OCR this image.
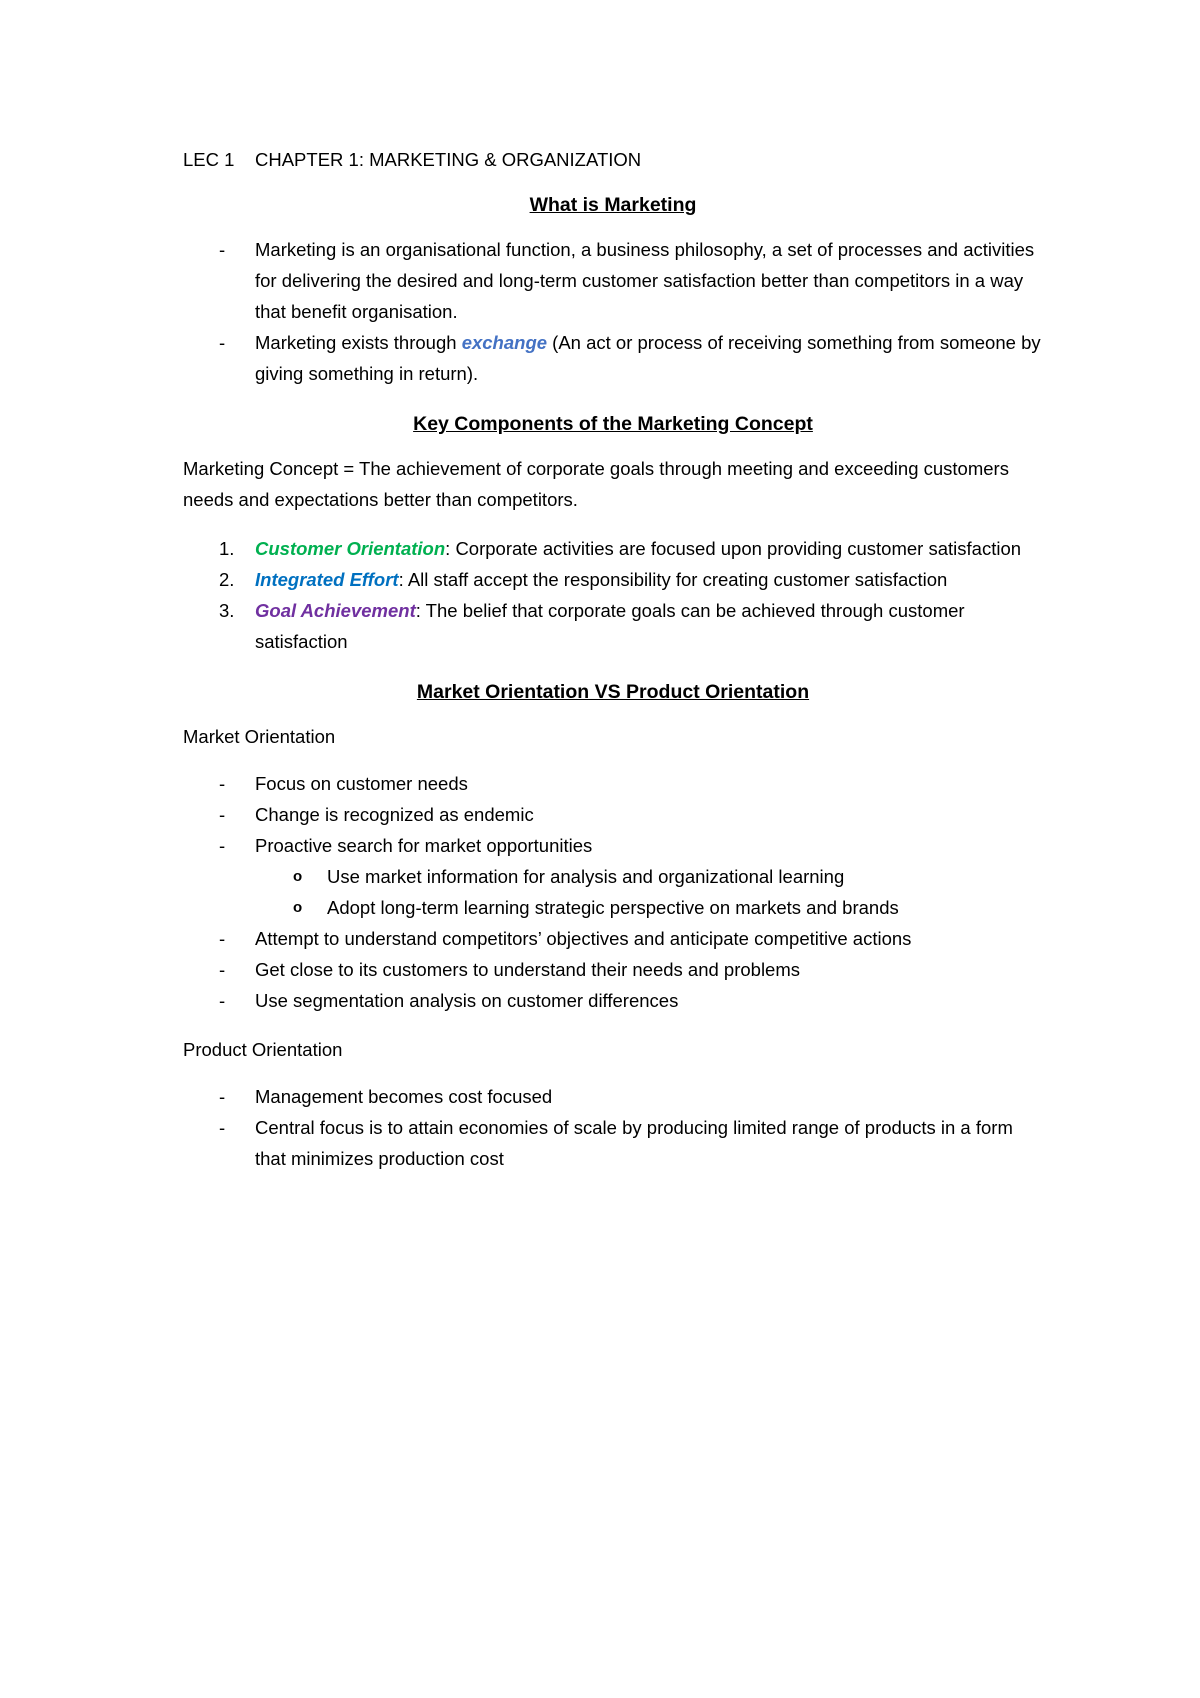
LEC 1	CHAPTER 1: MARKETING & ORGANIZATION
What is Marketing
- Marketing is an organisational function, a business philosophy, a set of processes and activities for delivering the desired and long-term customer satisfaction better than competitors in a way that benefit organisation.
- Marketing exists through exchange (An act or process of receiving something from someone by giving something in return).
Key Components of the Marketing Concept

Marketing Concept = The achievement of corporate goals through meeting and exceeding customers needs and expectations better than competitors.

1. Customer Orientation: Corporate activities are focused upon providing customer satisfaction
2. Integrated Effort: All staff accept the responsibility for creating customer satisfaction
3. Goal Achievement: The belief that corporate goals can be achieved through customer satisfaction
Market Orientation VS Product Orientation

Market Orientation

- Focus on customer needs
- Change is recognized as endemic
- Proactive search for market opportunities
o Use market information for analysis and organizational learning
o Adopt long-term learning strategic perspective on markets and brands
- Attempt to understand competitors’ objectives and anticipate competitive actions
- Get close to its customers to understand their needs and problems
- Use segmentation analysis on customer differences

Product Orientation

- Management becomes cost focused
- Central focus is to attain economies of scale by producing limited range of products in a form that minimizes production cost
